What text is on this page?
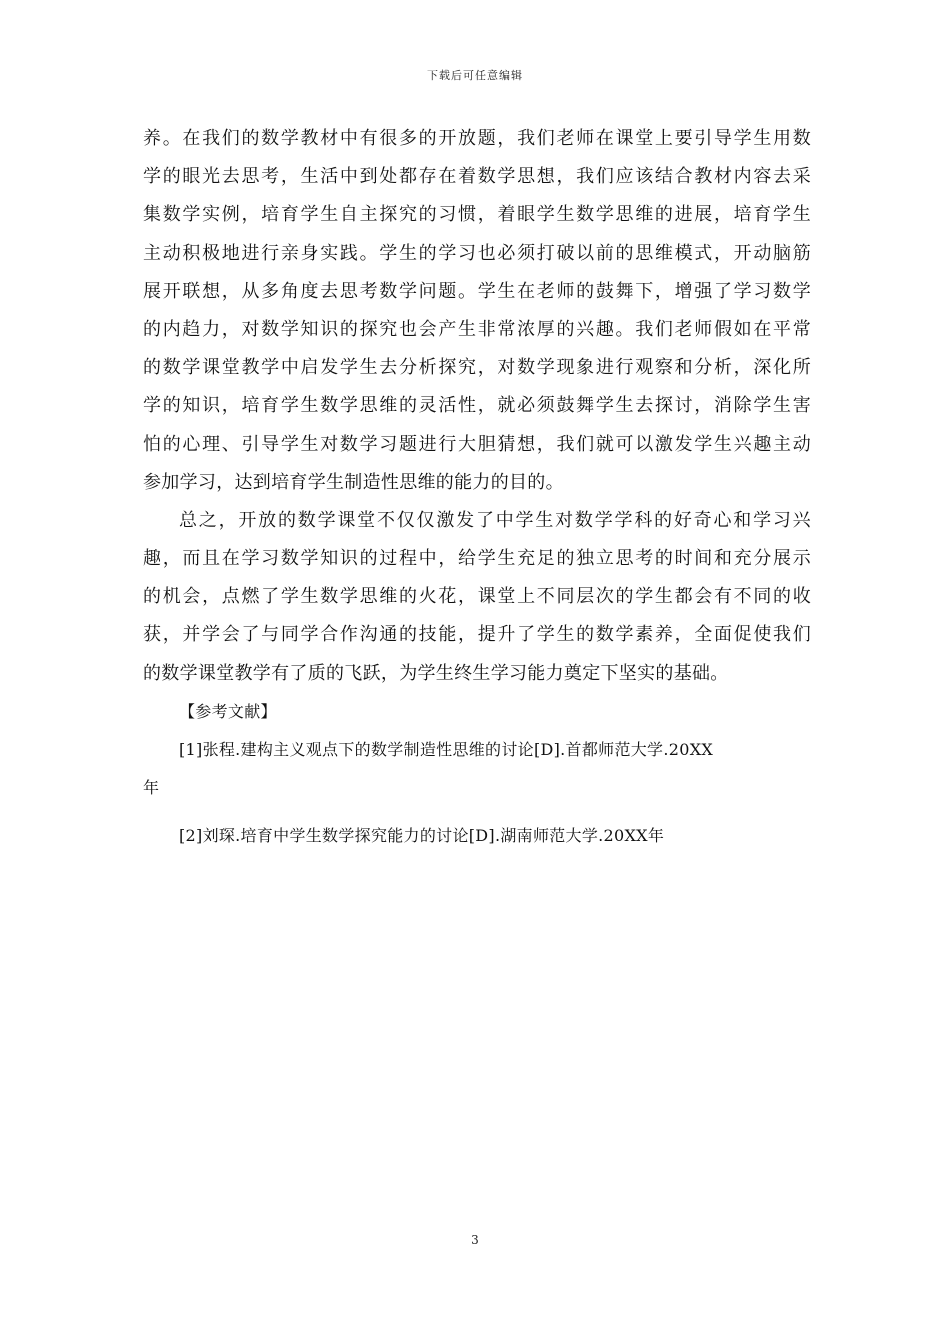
下载后可任意编辑
养。在我们的数学教材中有很多的开放题，我们老师在课堂上要引导学生用数
学的眼光去思考，生活中到处都存在着数学思想，我们应该结合教材内容去采
集数学实例，培育学生自主探究的习惯，着眼学生数学思维的进展，培育学生
主动积极地进行亲身实践。学生的学习也必须打破以前的思维模式，开动脑筋
展开联想，从多角度去思考数学问题。学生在老师的鼓舞下，增强了学习数学
的内趋力，对数学知识的探究也会产生非常浓厚的兴趣。我们老师假如在平常
的数学课堂教学中启发学生去分析探究，对数学现象进行观察和分析，深化所
学的知识，培育学生数学思维的灵活性，就必须鼓舞学生去探讨，消除学生害
怕的心理、引导学生对数学习题进行大胆猜想，我们就可以激发学生兴趣主动
参加学习，达到培育学生制造性思维的能力的目的。
总之，开放的数学课堂不仅仅激发了中学生对数学学科的好奇心和学习兴
趣，而且在学习数学知识的过程中，给学生充足的独立思考的时间和充分展示
的机会，点燃了学生数学思维的火花，课堂上不同层次的学生都会有不同的收
获，并学会了与同学合作沟通的技能，提升了学生的数学素养，全面促使我们
的数学课堂教学有了质的飞跃，为学生终生学习能力奠定下坚实的基础。
【参考文献】
[1]张程.建构主义观点下的数学制造性思维的讨论[D].首都师范大学.20XX
年
[2]刘琛.培育中学生数学探究能力的讨论[D].湖南师范大学.20XX年
3
